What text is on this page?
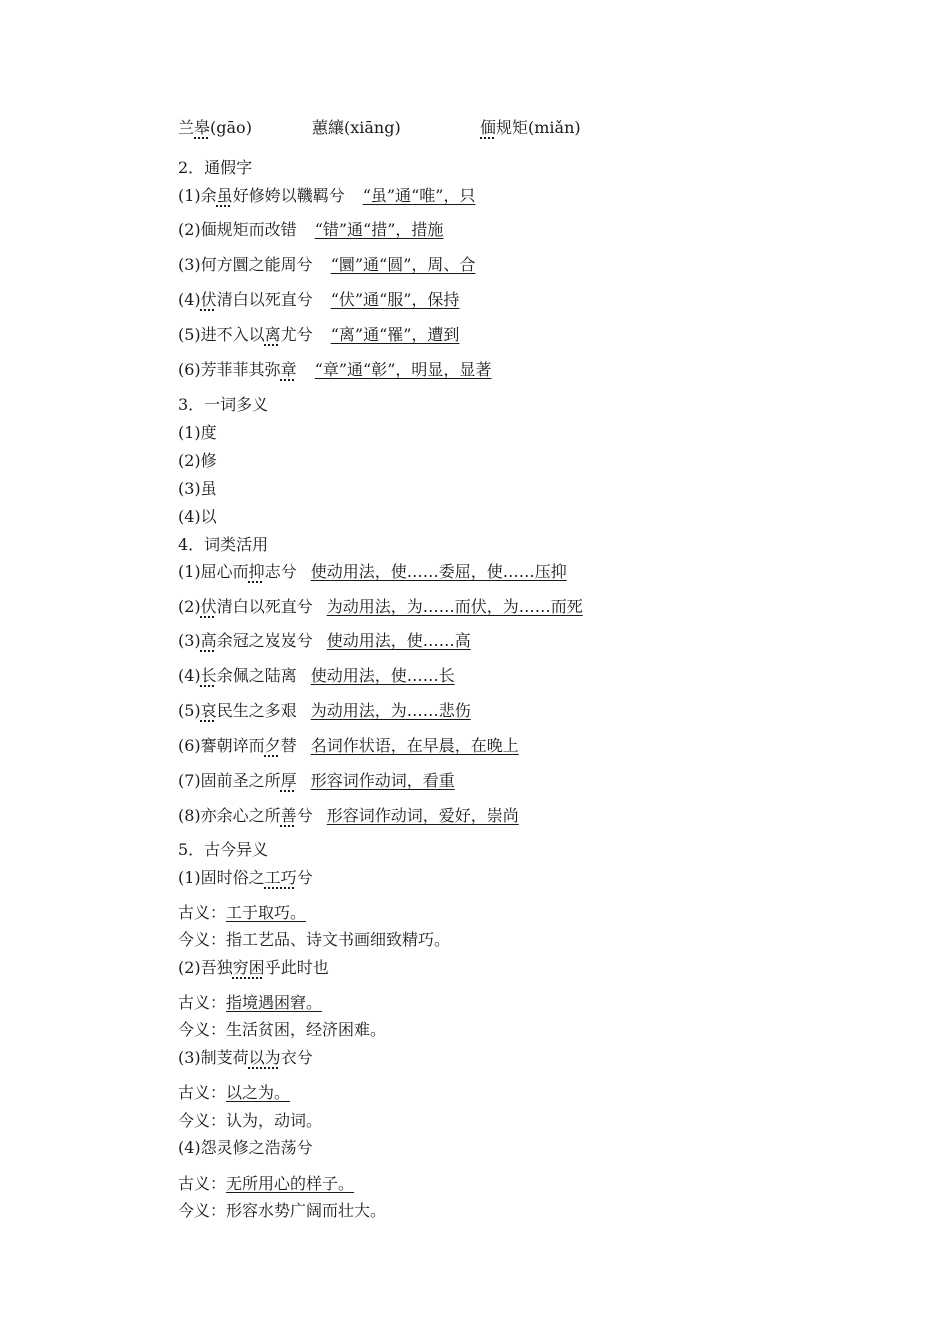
兰皋(gāo)	蕙纕(xiāng)	偭规矩(miǎn)
2．通假字
(1)余虽好修姱以鞿羁兮 “虽”通“唯”，只
(2)偭规矩而改错 “错”通“措”，措施
(3)何方圜之能周兮 “圜”通“圆”，周、合
(4)伏清白以死直兮 “伏”通“服”，保持
(5)进不入以离尤兮 “离”通“罹”，遭到
(6)芳菲菲其弥章 “章”通“彰”，明显，显著
3．一词多义
(1)度
(2)修
(3)虽
(4)以
4．词类活用
(1)屈心而抑志兮 使动用法，使……委屈，使……压抑
(2)伏清白以死直兮 为动用法，为……而伏，为……而死
(3)高余冠之岌岌兮 使动用法，使……高
(4)长余佩之陆离 使动用法，使……长
(5)哀民生之多艰 为动用法，为……悲伤
(6)謇朝谇而夕替 名词作状语，在早晨，在晚上
(7)固前圣之所厚 形容词作动词，看重
(8)亦余心之所善兮 形容词作动词，爱好，崇尚
5．古今异义
(1)固时俗之工巧兮
古义：工于取巧。
今义：指工艺品、诗文书画细致精巧。
(2)吾独穷困乎此时也
古义：指境遇困窘。
今义：生活贫困，经济困难。
(3)制芰荷以为衣兮
古义：以之为。
今义：认为，动词。
(4)怨灵修之浩荡兮
古义：无所用心的样子。
今义：形容水势广阔而壮大。
